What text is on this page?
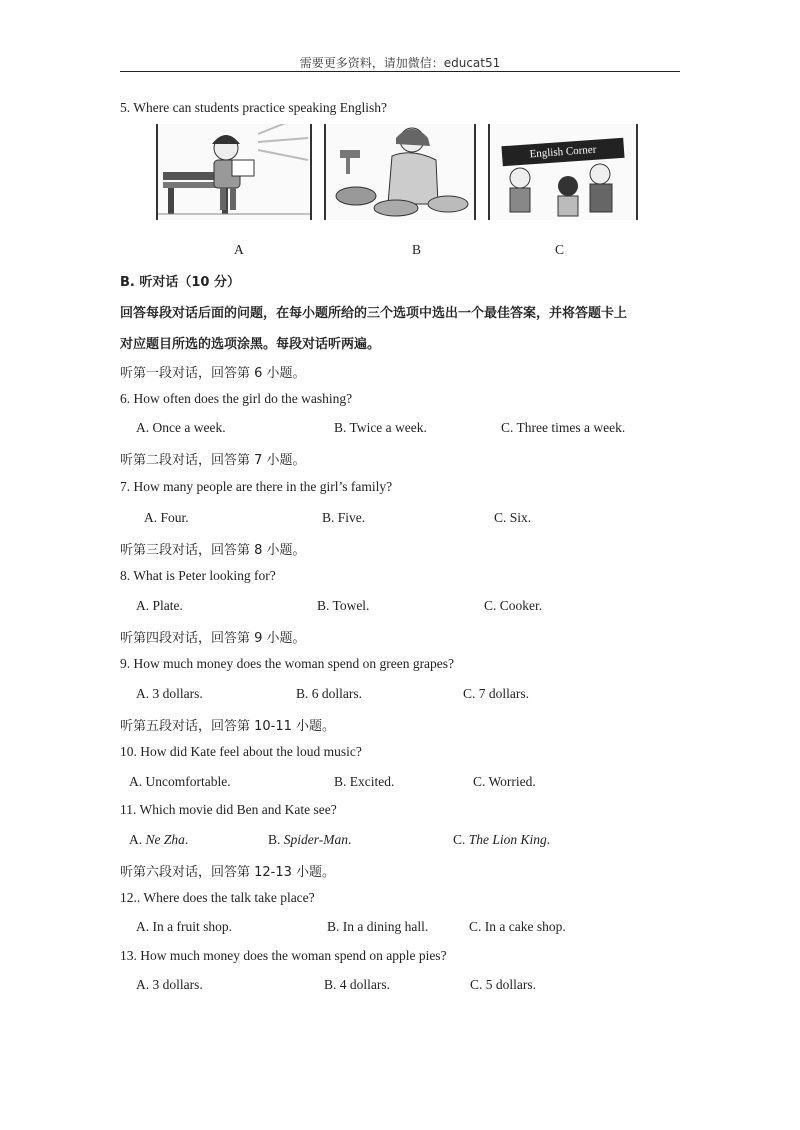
需要更多资料，请加微信：educat51
5. Where can students practice speaking English?
English Corner
A	B	C
B. 听对话（10 分）
回答每段对话后面的问题，在每小题所给的三个选项中选出一个最佳答案，并将答题卡上
对应题目所选的选项涂黑。每段对话听两遍。
听第一段对话，回答第 6 小题。
6. How often does the girl do the washing?
A. Once a week.	B. Twice a week.	C. Three times a week.
听第二段对话，回答第 7 小题。
7. How many people are there in the girl’s family?
A. Four.	B. Five.	C. Six.
听第三段对话，回答第 8 小题。
8. What is Peter looking for?
A. Plate.	B. Towel.	C. Cooker.
听第四段对话，回答第 9 小题。
9. How much money does the woman spend on green grapes?
A. 3 dollars.	B. 6 dollars.	C. 7 dollars.
听第五段对话，回答第 10-11 小题。
10. How did Kate feel about the loud music?
A. Uncomfortable.	B. Excited.	C. Worried.
11. Which movie did Ben and Kate see?
A. Ne Zha.	B. Spider-Man.	C. The Lion King.
听第六段对话，回答第 12-13 小题。
12.. Where does the talk take place?
A. In a fruit shop.	B. In a dining hall.	C. In a cake shop.
13. How much money does the woman spend on apple pies?
A. 3 dollars.	B. 4 dollars.	C. 5 dollars.
